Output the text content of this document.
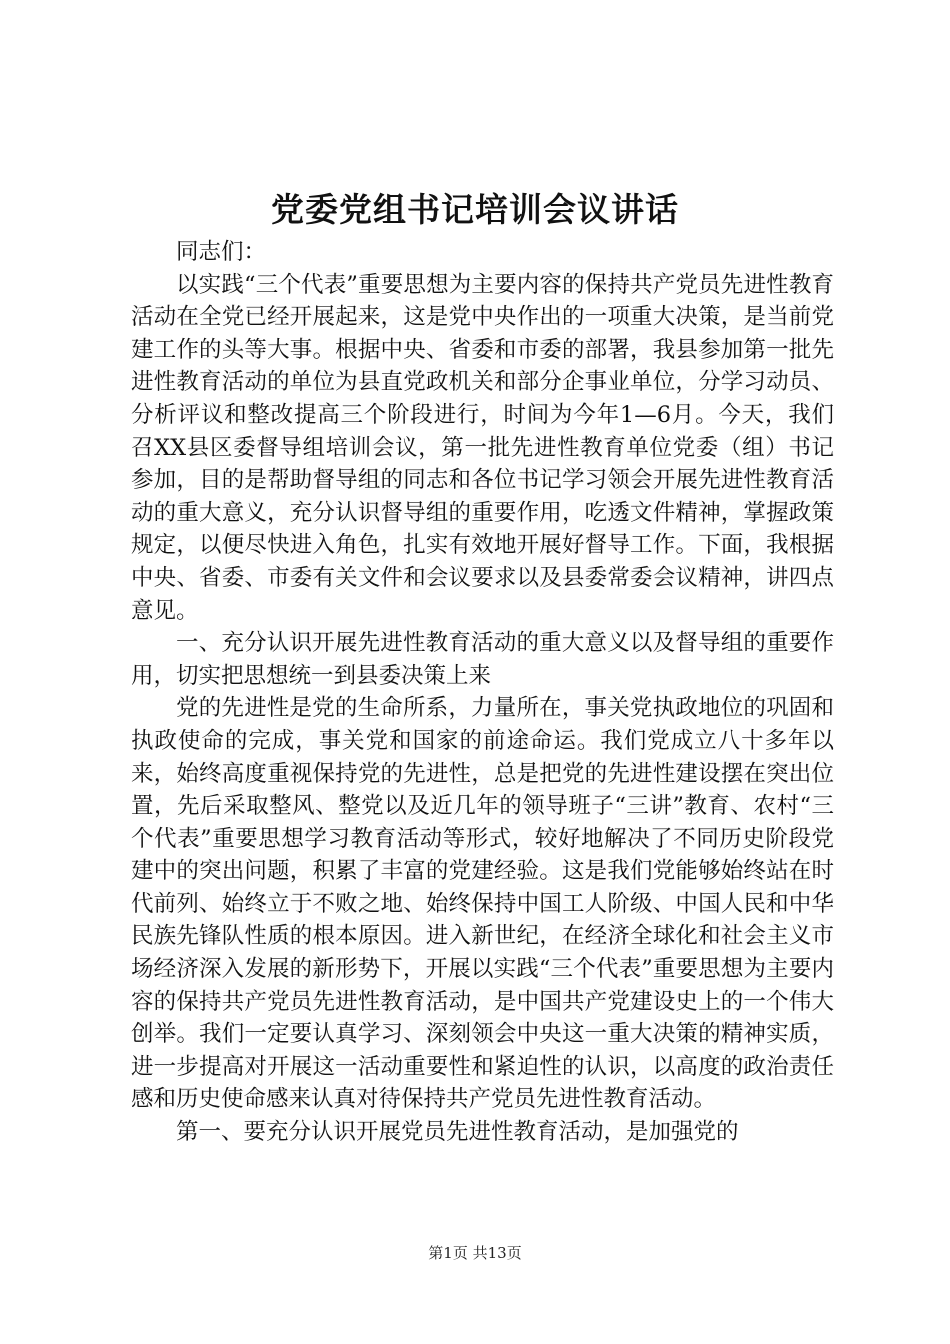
党委党组书记培训会议讲话

同志们：

以实践“三个代表”重要思想为主要内容的保持共产党员先进性教育活动在全党已经开展起来，这是党中央作出的一项重大决策，是当前党建工作的头等大事。根据中央、省委和市委的部署，我县参加第一批先进性教育活动的单位为县直党政机关和部分企事业单位，分学习动员、分析评议和整改提高三个阶段进行，时间为今年1—6月。今天，我们召XX县区委督导组培训会议，第一批先进性教育单位党委（组）书记参加，目的是帮助督导组的同志和各位书记学习领会开展先进性教育活动的重大意义，充分认识督导组的重要作用，吃透文件精神，掌握政策规定，以便尽快进入角色，扎实有效地开展好督导工作。下面，我根据中央、省委、市委有关文件和会议要求以及县委常委会议精神，讲四点意见。

一、充分认识开展先进性教育活动的重大意义以及督导组的重要作用，切实把思想统一到县委决策上来

党的先进性是党的生命所系，力量所在，事关党执政地位的巩固和执政使命的完成，事关党和国家的前途命运。我们党成立八十多年以来，始终高度重视保持党的先进性，总是把党的先进性建设摆在突出位置，先后采取整风、整党以及近几年的领导班子“三讲”教育、农村“三个代表”重要思想学习教育活动等形式，较好地解决了不同历史阶段党建中的突出问题，积累了丰富的党建经验。这是我们党能够始终站在时代前列、始终立于不败之地、始终保持中国工人阶级、中国人民和中华民族先锋队性质的根本原因。进入新世纪，在经济全球化和社会主义市场经济深入发展的新形势下，开展以实践“三个代表”重要思想为主要内容的保持共产党员先进性教育活动，是中国共产党建设史上的一个伟大创举。我们一定要认真学习、深刻领会中央这一重大决策的精神实质，进一步提高对开展这一活动重要性和紧迫性的认识，以高度的政治责任感和历史使命感来认真对待保持共产党员先进性教育活动。

第一、要充分认识开展党员先进性教育活动，是加强党的

第1页 共13页
